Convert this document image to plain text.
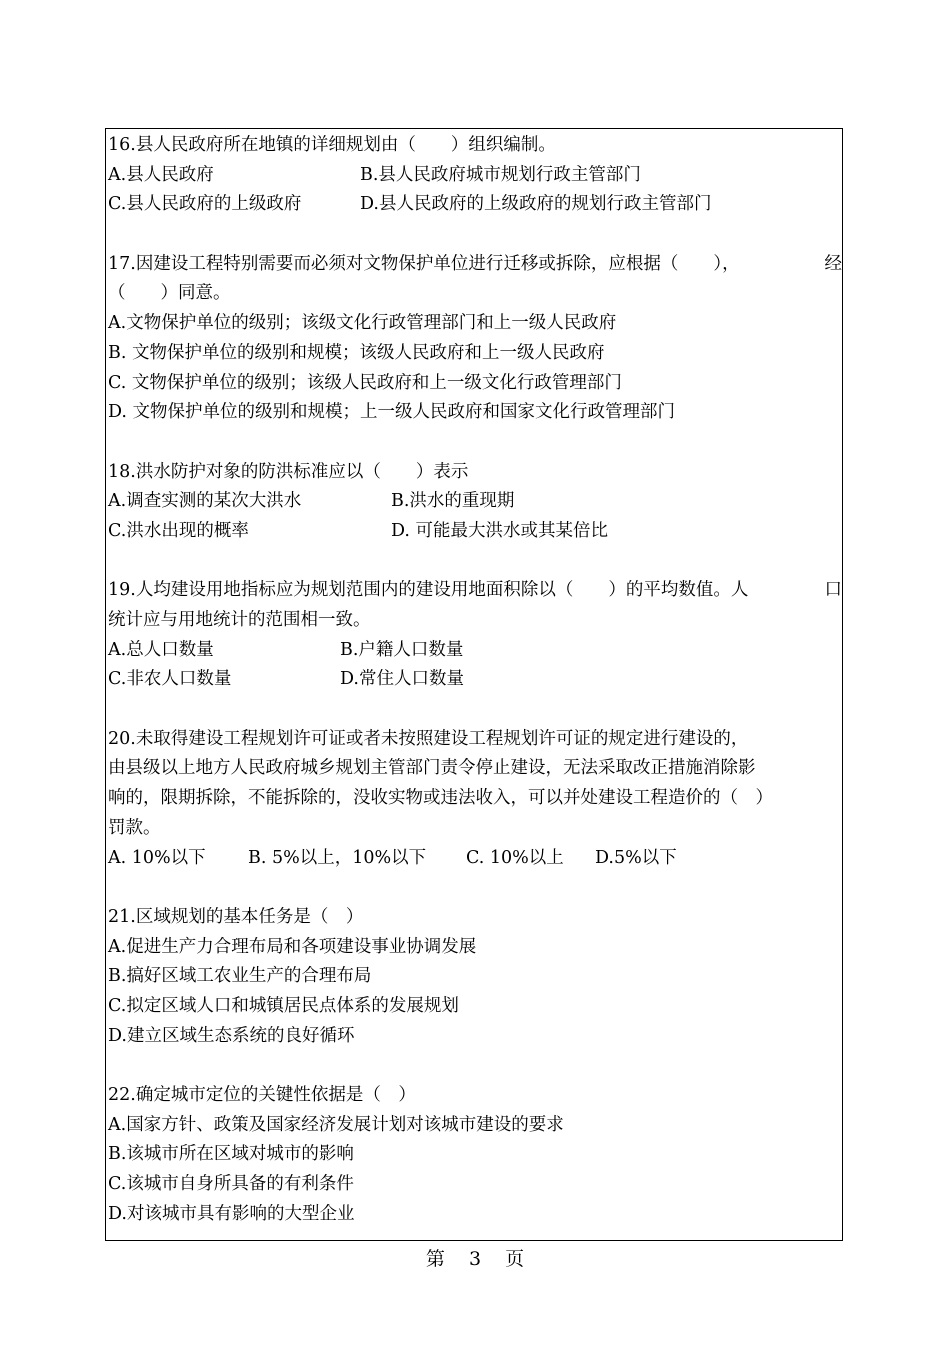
16.县人民政府所在地镇的详细规划由（　　）组织编制。
A.县人民政府	B.县人民政府城市规划行政主管部门
C.县人民政府的上级政府	D.县人民政府的上级政府的规划行政主管部门
17.因建设工程特别需要而必须对文物保护单位进行迁移或拆除，应根据（　　），	经
（　　）同意。
A.文物保护单位的级别；该级文化行政管理部门和上一级人民政府
B. 文物保护单位的级别和规模；该级人民政府和上一级人民政府
C. 文物保护单位的级别；该级人民政府和上一级文化行政管理部门
D. 文物保护单位的级别和规模；上一级人民政府和国家文化行政管理部门
18.洪水防护对象的防洪标准应以（　　）表示
A.调查实测的某次大洪水	B.洪水的重现期
C.洪水出现的概率	D. 可能最大洪水或其某倍比
19.人均建设用地指标应为规划范围内的建设用地面积除以（　　）的平均数值。人	口
统计应与用地统计的范围相一致。
A.总人口数量	B.户籍人口数量
C.非农人口数量	D.常住人口数量
20.未取得建设工程规划许可证或者未按照建设工程规划许可证的规定进行建设的，
由县级以上地方人民政府城乡规划主管部门责令停止建设，无法采取改正措施消除影
响的，限期拆除，不能拆除的，没收实物或违法收入，可以并处建设工程造价的（　）
罚款。
A. 10%以下 B. 5%以上，10%以下 C. 10%以上 D.5%以下
21.区域规划的基本任务是（　）
A.促进生产力合理布局和各项建设事业协调发展
B.搞好区域工农业生产的合理布局
C.拟定区域人口和城镇居民点体系的发展规划
D.建立区域生态系统的良好循环
22.确定城市定位的关键性依据是（　）
A.国家方针、政策及国家经济发展计划对该城市建设的要求
B.该城市所在区域对城市的影响
C.该城市自身所具备的有利条件
D.对该城市具有影响的大型企业
第 3 页
